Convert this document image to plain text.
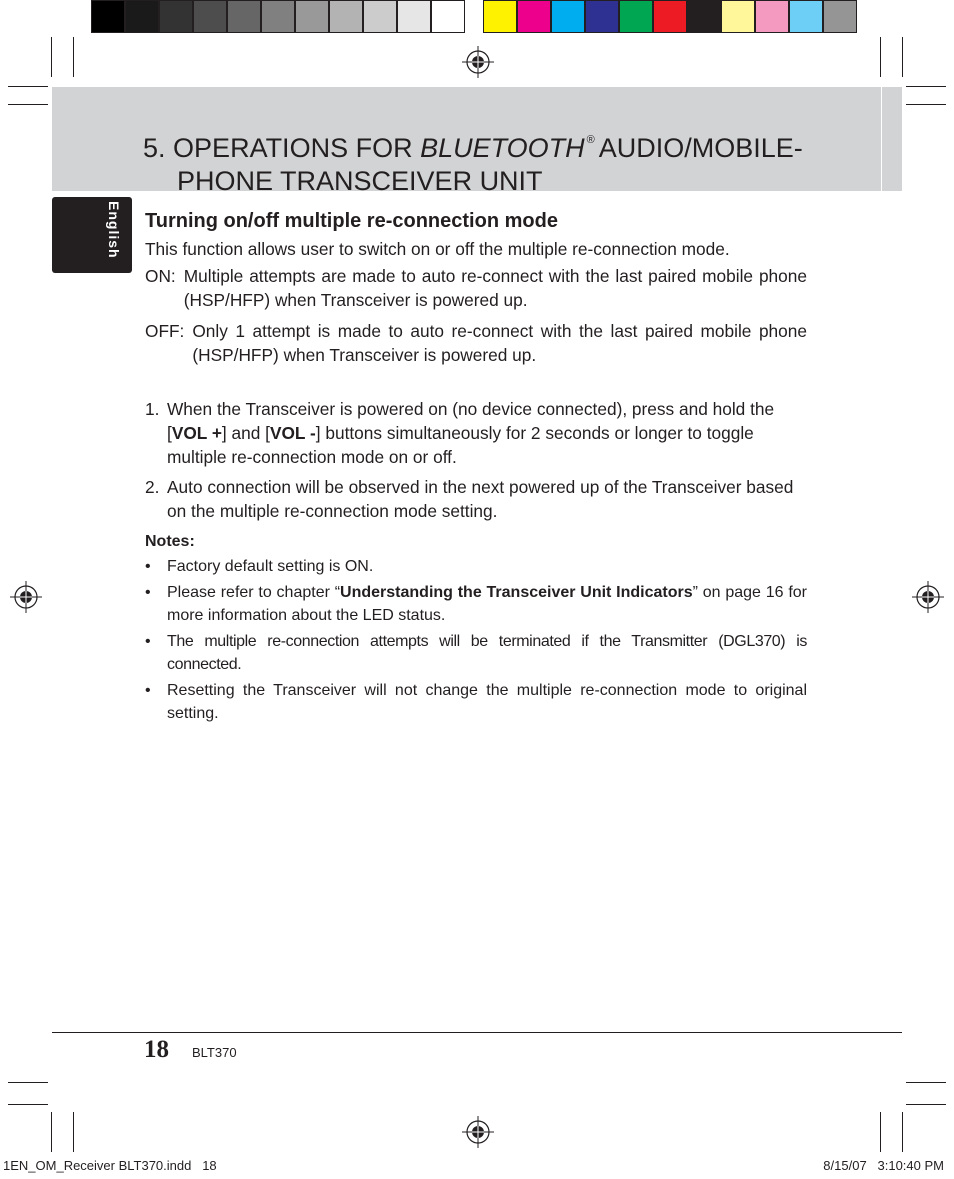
5. OPERATIONS FOR BLUETOOTH ® AUDIO/MOBILE-
PHONE TRANSCEIVER UNIT
English Turning on/off multiple re-connection mode

This function allows user to switch on or off the multiple re-connection mode.

ON: Multiple attempts are made to auto re-connect with the last paired mobile phone (HSP/HFP) when Transceiver is powered up.
OFF: Only 1 attempt is made to auto re-connect with the last paired mobile phone (HSP/HFP) when Transceiver is powered up.
1. When the Transceiver is powered on (no device connected), press and hold the [VOL +] and [VOL -] buttons simultaneously for 2 seconds or longer to toggle multiple re-connection mode on or off.
2. Auto connection will be observed in the next powered up of the Transceiver based on the multiple re-connection mode setting.

Notes:

•	Factory default setting is ON.
•	Please refer to chapter “Understanding the Transceiver Unit Indicators” on page 16 for more information about the LED status.
•	The multiple re-connection attempts will be terminated if the Transmitter (DGL370) is connected.
•	Resetting the Transceiver will not change the multiple re-connection mode to original setting.
18 BLT370
1EN_OM_Receiver BLT370.indd   18	8/15/07   3:10:40 PM
